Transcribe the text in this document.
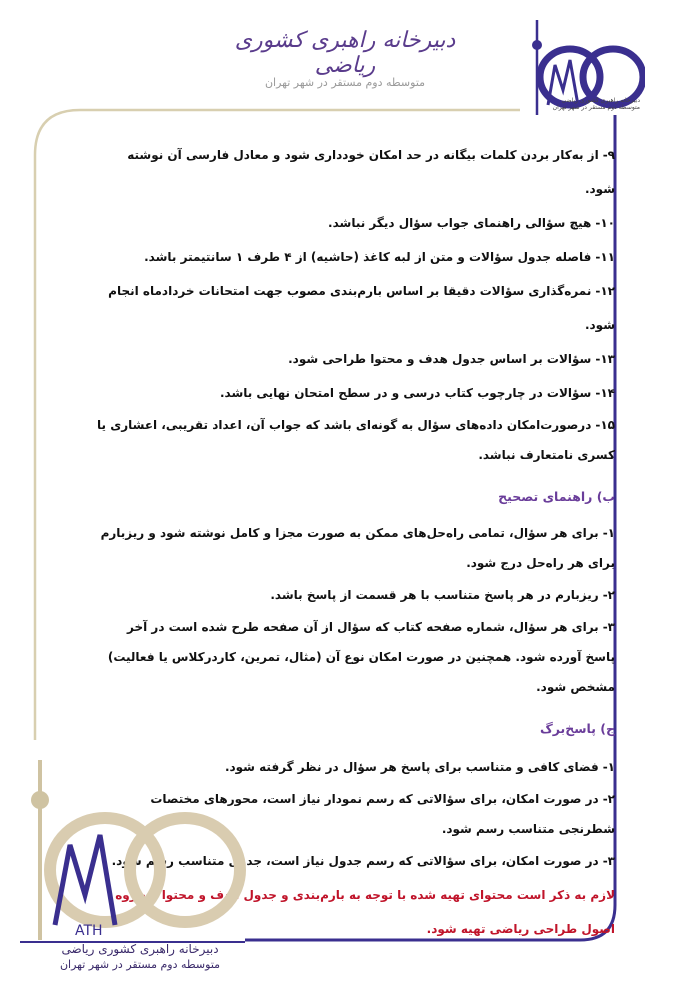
دبیرخانه راهبری کشوری ریاضی
متوسطه دوم مستقر در شهر تهران
دبیرخانه راهبری کشوری ریاضی
متوسطه دوم مستقر در شهر تهران
۹-از به‌کار بردن کلمات بیگانه در حد امکان خودداری شود و معادل فارسی آن نوشته شود.
۱۰-هیچ سؤالی راهنمای جواب سؤال دیگر نباشد.
۱۱-فاصله جدول سؤالات و متن از لبه کاغذ (حاشیه) از ۴ طرف ۱ سانتیمتر باشد.
۱۲-نمره‌گذاری سؤالات دقیقا بر اساس بارم‌بندی مصوب جهت امتحانات خردادماه انجام شود.
۱۳-سؤالات بر اساس جدول هدف و محتوا طراحی شود.
۱۴-سؤالات در چارچوب کتاب درسی و در سطح امتحان نهایی باشد.
۱۵-درصورت‌امکان داده‌های سؤال به گونه‌ای باشد که جواب آن، اعداد تقریبی، اعشاری یا کسری نامتعارف نباشد.
ب) راهنمای تصحیح
۱-برای هر سؤال، تمامی راه‌حل‌های ممکن به صورت مجزا و کامل نوشته شود و ریزبارم برای هر راه‌حل درج شود.
۲-ریزبارم در هر پاسخ متناسب با هر قسمت از پاسخ باشد.
۳-برای هر سؤال، شماره صفحه کتاب که سؤال از آن صفحه طرح شده است در آخر پاسخ آورده شود. همچنین در صورت امکان نوع آن (مثال، تمرین، کاردرکلاس یا فعالیت) مشخص شود.
ج) پاسخ‌برگ
۱-فضای کافی و متناسب برای پاسخ هر سؤال در نظر گرفته شود.
۲-در صورت امکان، برای سؤالاتی که رسم نمودار نیاز است، محورهای مختصات شطرنجی متناسب رسم شود.
۳-در صورت امکان، برای سؤالاتی که رسم جدول نیاز است، جدول متناسب رسم شود.
لازم به ذکر است محتوای تهیه شده با توجه به بارم‌بندی و جدول هدف و محتوا و جزوه اصول طراحی ریاضی تهیه شود.
ATH
دبیرخانه راهبری کشوری ریاضی
متوسطه دوم مستقر در شهر تهران
